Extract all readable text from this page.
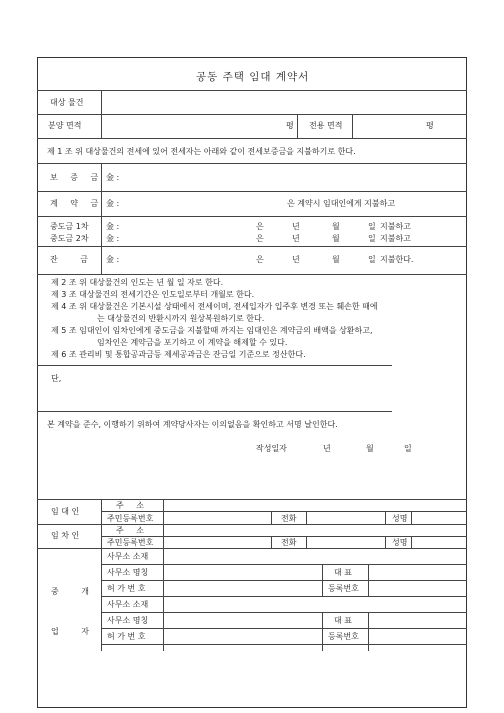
공동 주택 임대 계약서
대상 물건
분양 면적	평 전용 면적	평
제 1 조 위 대상물건의 전세에 있어 전세자는 아래와 같이 전세보증금을 지불하기로 한다.
보 증 금 金 :
계 약 금 金 :	은 계약시 임대인에게 지불하고
중도금 1차 金 :	은	년	월	일 지불하고
중도금 2차 金 :	은	년	월	일 지불하고
잔 금 金 :	은	년	월	일 지불한다.
제 2 조 위 대상물건의 인도는 년 월 일 자로 한다.
제 3 조 대상물건의 전세기간은 인도일로부터 개월로 한다.
제 4 조 위 대상물건은 기본시설 상태에서 전세이며, 전세입자가 입주후 변경 또는 훼손한 때에
는 대상물건의 반환시까지 원상복원하기로 한다.
제 5 조 임대인이 임차인에게 중도금을 지불할때 까지는 임대인은 계약금의 배액을 상환하고,
임차인은 계약금을 포기하고 이 계약을 해제할 수 있다.
제 6 조 관리비 및 통합공과금등 제세공과금은 잔금일 기준으로 정산한다.
단,
본 계약을 준수, 이행하기 위하여 계약당사자는 이의없음을 확인하고 서명 날인한다.
작성일자	년	월	일
임 대 인
주 소
주민등록번호	전화	성명
임 차 인
주 소
주민등록번호	전화	성명
중 개
업 자
사무소 소재
사무소 명칭	대 표
허 가 번 호	등록번호
사무소 소재
사무소 명칭	대 표
허 가 번 호	등록번호
